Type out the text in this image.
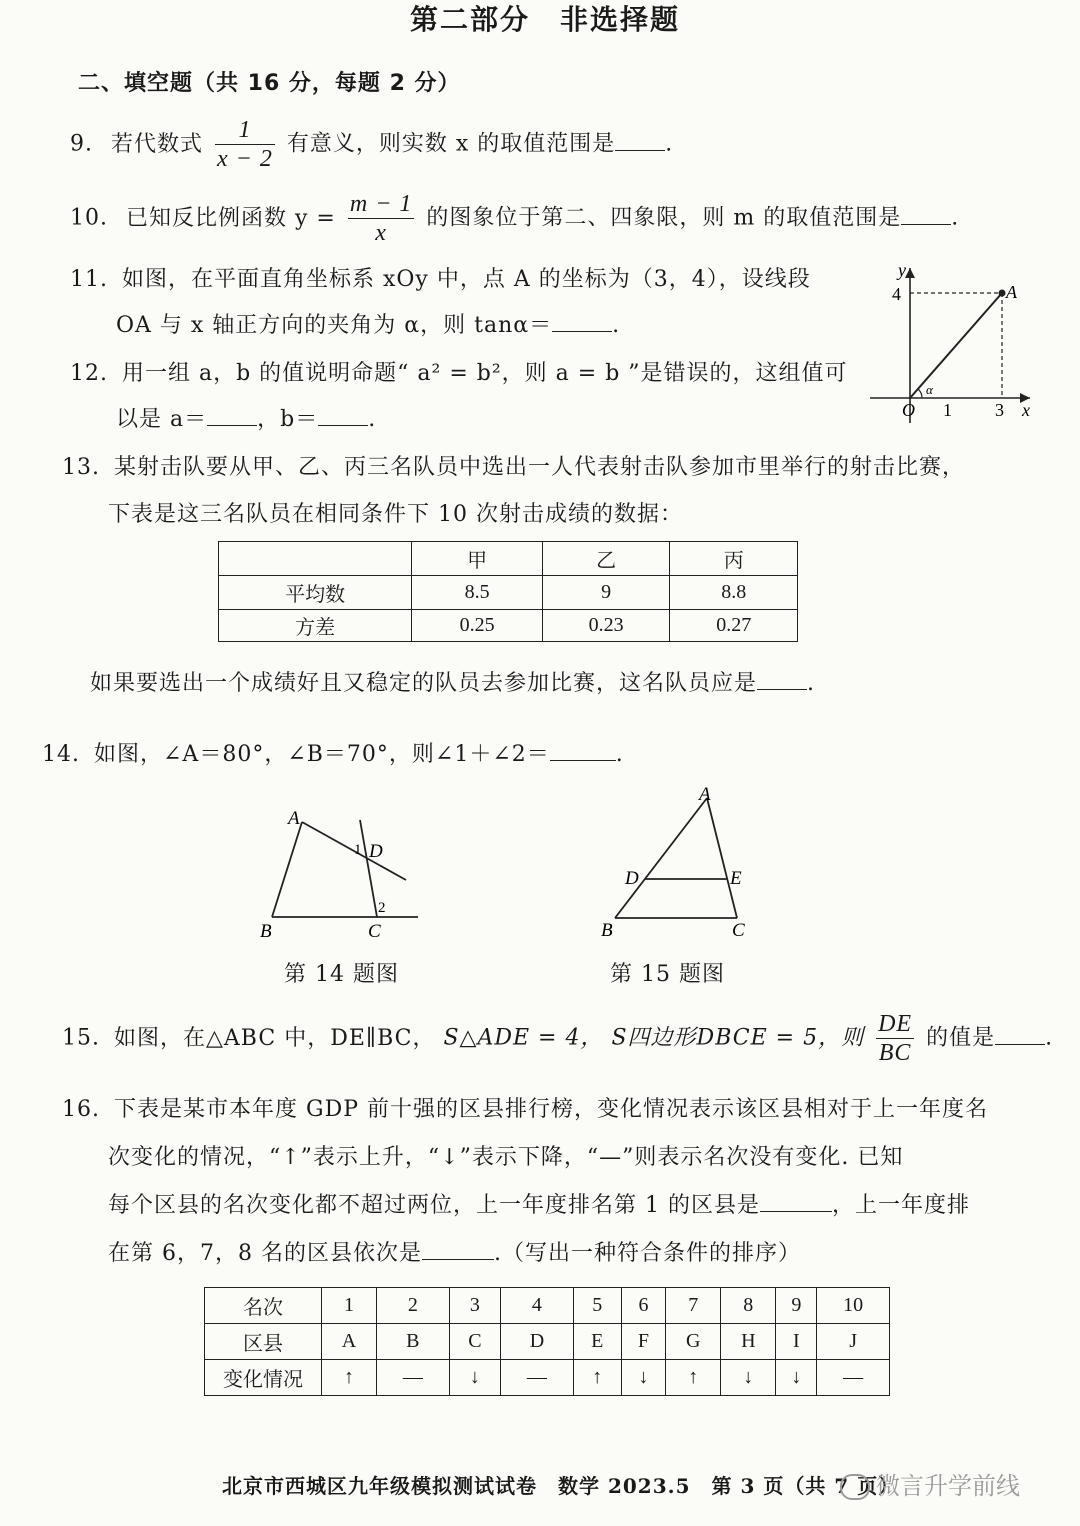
第二部分　非选择题
二、填空题（共 16 分，每题 2 分）
9. 若代数式 $\frac{1}{x - 2}$ 有意义，则实数 x 的取值范围是 .
10. 已知反比例函数 $y = \frac{m - 1}{x}$ 的图象位于第二、四象限，则 m 的取值范围是 .
11. 如图，在平面直角坐标系 xOy 中，点 A 的坐标为（3，4），设线段
OA 与 x 轴正方向的夹角为 α，则 tanα＝	.
12. 用一组 a，b 的值说明命题“ a² = b²，则 a = b ”是错误的，这组值可
以是 a＝ ，b＝ .
y
x
O
4
1 3
A
α
13. 某射击队要从甲、乙、丙三名队员中选出一人代表射击队参加市里举行的射击比赛，
下表是这三名队员在相同条件下 10 次射击成绩的数据：
	甲	乙	丙
平均数	8.5	9	8.8
方差	0.25	0.23	0.27
如果要选出一个成绩好且又稳定的队员去参加比赛，这名队员应是 .
14. 如图，∠A＝80°，∠B＝70°，则∠1＋∠2＝	.
A
B	C
D
1
2
第 14 题图
A
B	C
D	E
第 15 题图
15. 如图，在△ABC 中，DE∥BC， S△ADE = 4， S四边形DBCE = 5，则 $\frac{DE}{BC}$ 的值是 .
16. 下表是某市本年度 GDP 前十强的区县排行榜，变化情况表示该区县相对于上一年度名
次变化的情况，“↑”表示上升，“↓”表示下降，“—”则表示名次没有变化. 已知
每个区县的名次变化都不超过两位，上一年度排名第 1 的区县是	，上一年度排
在第 6，7，8 名的区县依次是	.（写出一种符合条件的排序）
名次	1	2	3	4	5	6	7	8	9	10
区县	A	B	C	D	E	F	G	H	I	J
变化情况	↑	—	↓	—	↑	↓	↑	↓	↓	—
北京市西城区九年级模拟测试试卷　数学 2023.5　第 3 页（共 7 页）
微言升学前线
